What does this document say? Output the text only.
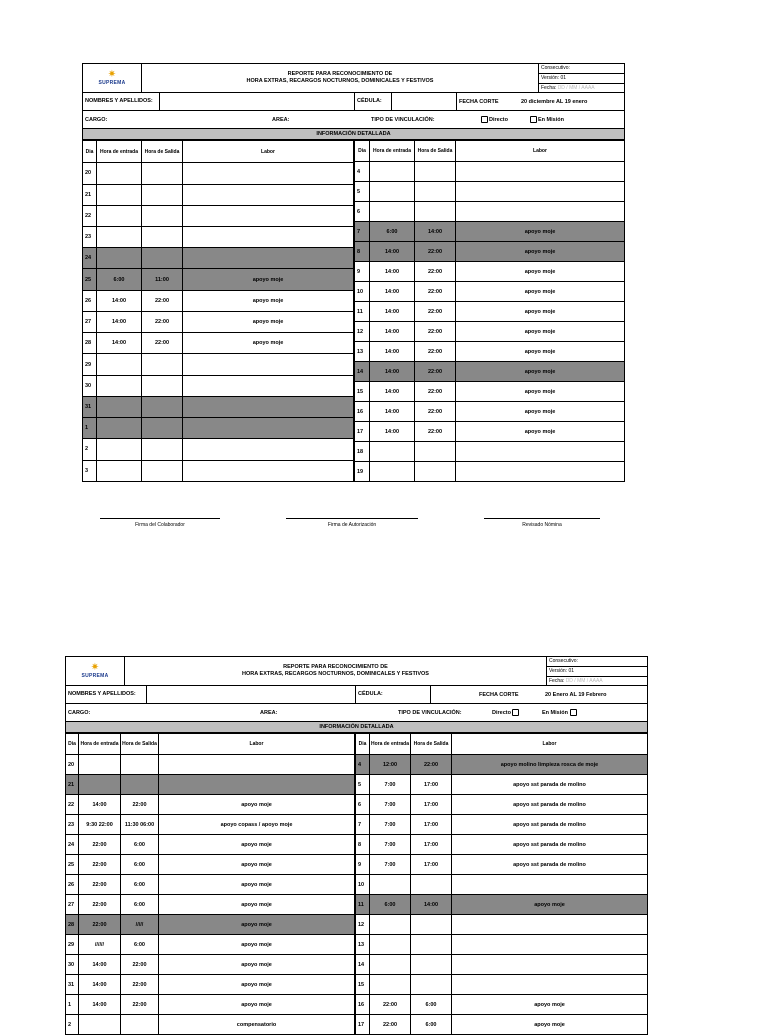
✷
SUPREMA
REPORTE PARA RECONOCIMIENTO DE
HORA EXTRAS, RECARGOS NOCTURNOS, DOMINICALES Y FESTIVOS
Consecutivo:
Versión: 01
Fecha: DD / MM / AAAA
NOMBRES Y APELLIDOS:	CÉDULA:	FECHA CORTE	20 diciembre AL 19 enero
CARGO:	AREA:	TIPO DE VINCULACIÓN:	Directo	En Misión
INFORMACIÓN DETALLADA
Dia	Hora de entrada	Hora de Salida	Labor
20			
21			
22			
23			
24			
25	6:00	11:00	apoyo moje
26	14:00	22:00	apoyo moje
27	14:00	22:00	apoyo moje
28	14:00	22:00	apoyo moje
29			
30			
31			
1			
2			
3			
Dia	Hora de entrada	Hora de Salida	Labor
4			
5			
6			
7	6:00	14:00	apoyo moje
8	14:00	22:00	apoyo moje
9	14:00	22:00	apoyo moje
10	14:00	22:00	apoyo moje
11	14:00	22:00	apoyo moje
12	14:00	22:00	apoyo moje
13	14:00	22:00	apoyo moje
14	14:00	22:00	apoyo moje
15	14:00	22:00	apoyo moje
16	14:00	22:00	apoyo moje
17	14:00	22:00	apoyo moje
18			
19			
Firma del Colaborador	Firma de Autorización	Revisado Nómina
✷
SUPREMA
REPORTE PARA RECONOCIMIENTO DE
HORA EXTRAS, RECARGOS NOCTURNOS, DOMINICALES Y FESTIVOS
Consecutivo:
Versión: 01
Fecha: DD / MM / AAAA
NOMBRES Y APELLIDOS:	CÉDULA:	FECHA CORTE	20 Enero AL 19 Febrero
CARGO:	AREA:	TIPO DE VINCULACIÓN:	Directo	En Misión
INFORMACIÓN DETALLADA
Dia	Hora de entrada	Hora de Salida	Labor
20			
21			
22	14:00	22:00	apoyo moje
23	9:30 22:00	11:30 06:00	apoyo copass / apoyo moje
24	22:00	6:00	apoyo moje
25	22:00	6:00	apoyo moje
26	22:00	6:00	apoyo moje
27	22:00	6:00	apoyo moje
28	22:00	/////	apoyo moje
29	//////	6:00	apoyo moje
30	14:00	22:00	apoyo moje
31	14:00	22:00	apoyo moje
1	14:00	22:00	apoyo moje
2			compensatorio
Dia	Hora de entrada	Hora de Salida	Labor
4	12:00	22:00	apoyo molino limpieza rosca de moje
5	7:00	17:00	apoyo sst parada de molino
6	7:00	17:00	apoyo sst parada de molino
7	7:00	17:00	apoyo sst parada de molino
8	7:00	17:00	apoyo sst parada de molino
9	7:00	17:00	apoyo sst parada de molino
10			
11	6:00	14:00	apoyo moje
12			
13			
14			
15			
16	22:00	6:00	apoyo moje
17	22:00	6:00	apoyo moje
